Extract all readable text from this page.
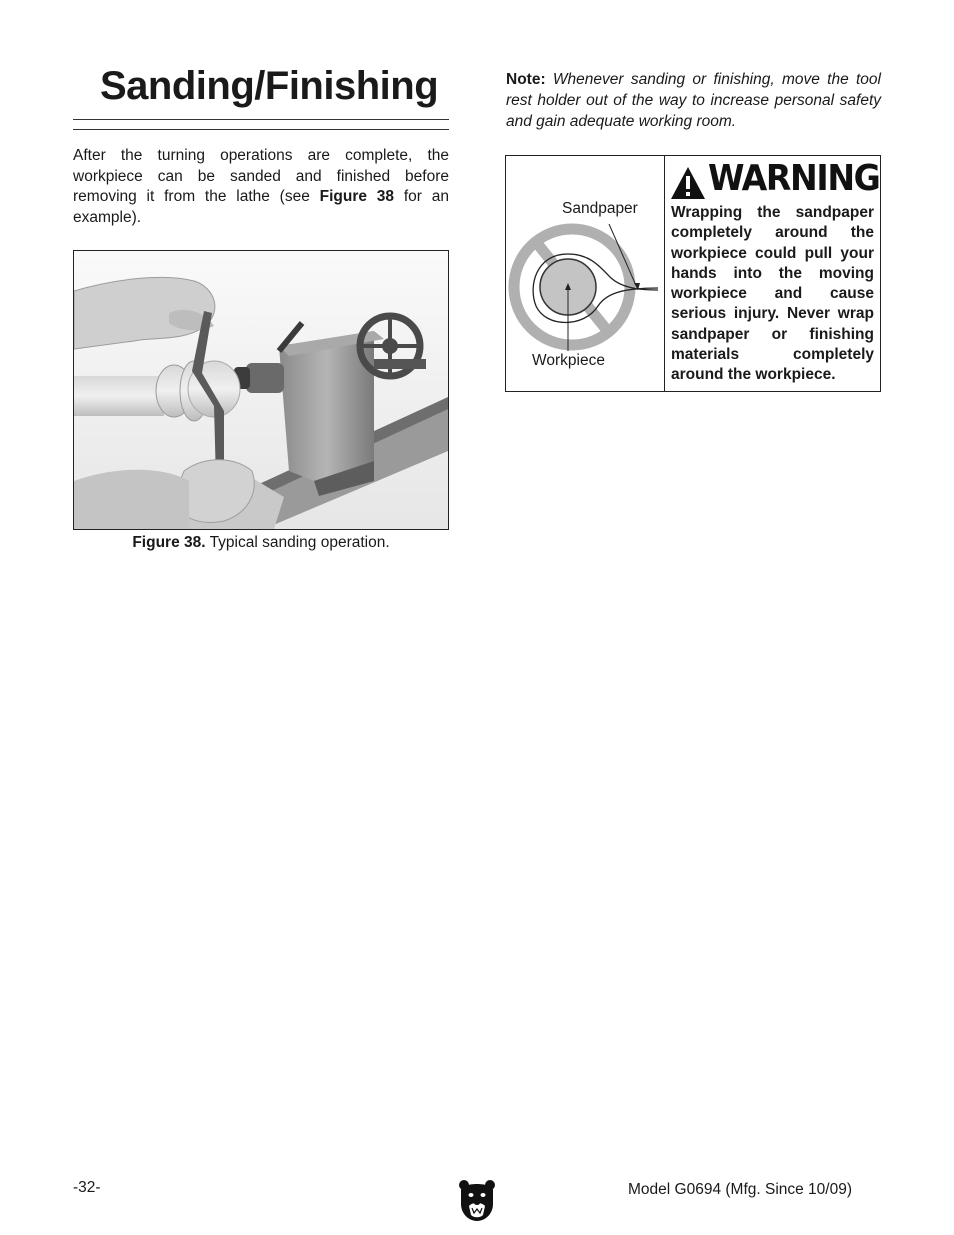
Sanding/Finishing

After the turning operations are complete, the workpiece can be sanded and finished before removing it from the lathe (see Figure 38 for an example).

Figure 38. Typical sanding operation.

Note: Whenever sanding or finishing, move the tool rest holder out of the way to increase personal safety and gain adequate working room.

Sandpaper
Workpiece
WARNING

Wrapping the sandpaper completely around the workpiece could pull your hands into the moving workpiece and cause serious injury. Never wrap sandpaper or finishing materials completely around the workpiece.

-32-	Model G0694 (Mfg. Since 10/09)
